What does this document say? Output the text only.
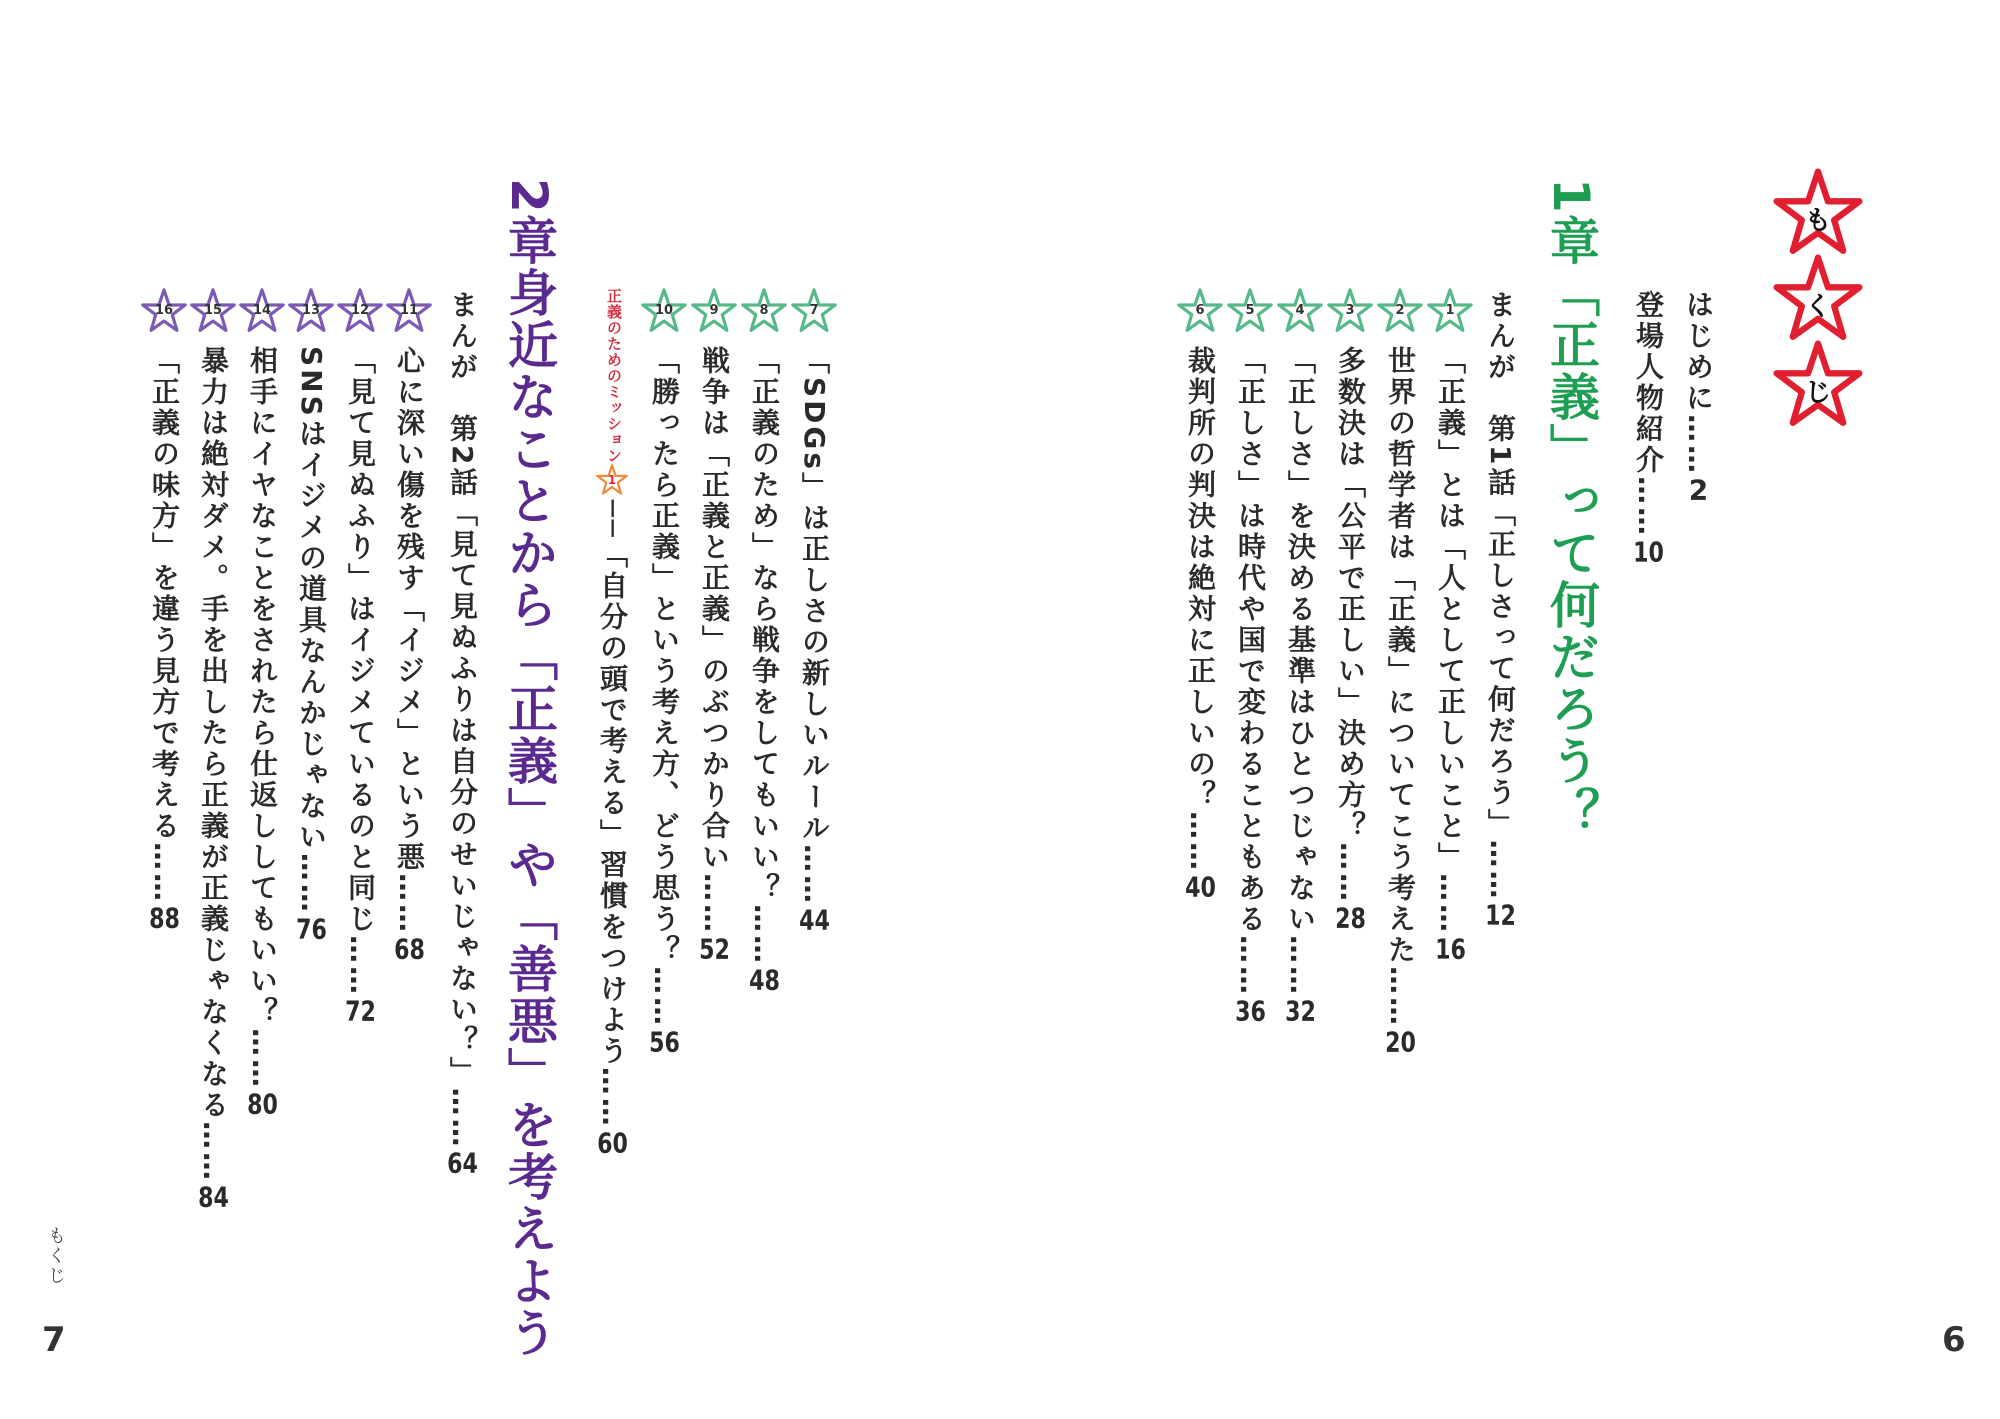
も
く
じ
はじめに……2
登場人物紹介……10
1章「正義」って何だろう？
まんが　第1話「正しさって何だろう」……12
1
2
3
4
5
6
「正義」とは「人として正しいこと」……16
世界の哲学者は「正義」についてこう考えた……20
多数決は「公平で正しい」決め方？……28
「正しさ」を決める基準はひとつじゃない……32
「正しさ」は時代や国で変わることもある……36
裁判所の判決は絶対に正しいの？……40
7
8
9
10
「SDGs」は正しさの新しいルール……44
「正義のため」なら戦争をしてもいい？……48
戦争は「正義と正義」のぶつかり合い……52
「勝ったら正義」という考え方、どう思う？……56
正義のためのミッション
1
──「自分の頭で考える」習慣をつけよう……60
2章身近なことから「正義」や「善悪」を考えよう
まんが　第2話「見て見ぬふりは自分のせいじゃない？」……64
11
12
13
14
15
16
心に深い傷を残す「イジメ」という悪……68
「見て見ぬふり」はイジメているのと同じ……72
SNSはイジメの道具なんかじゃない……76
相手にイヤなことをされたら仕返ししてもいい？……80
暴力は絶対ダメ。手を出したら正義が正義じゃなくなる……84
「正義の味方」を違う見方で考える……88
もくじ
7	6
